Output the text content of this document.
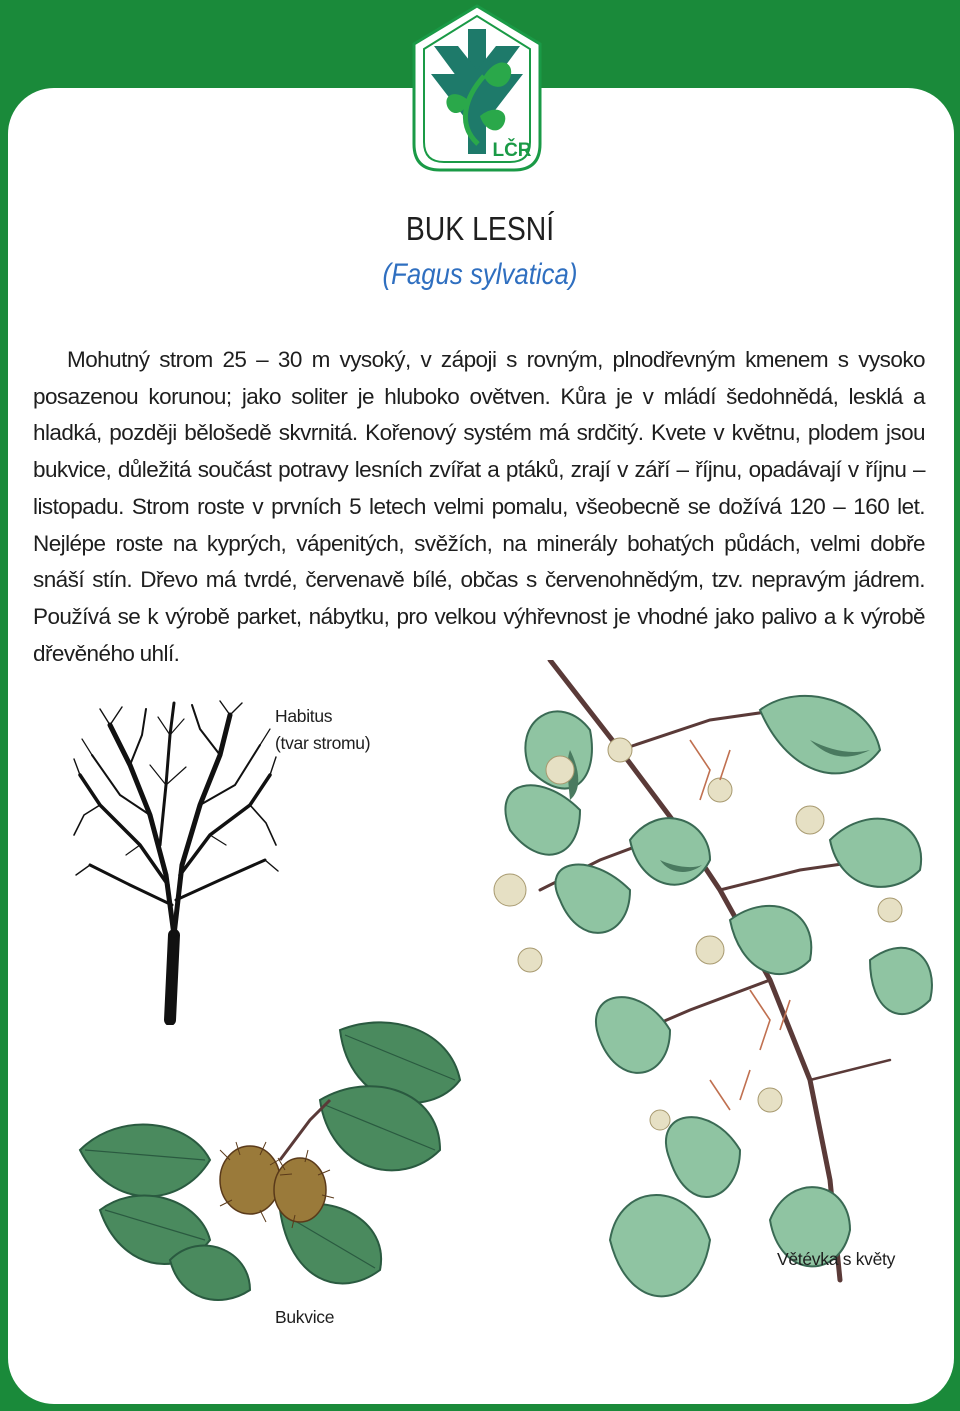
LČR
BUK LESNÍ
(Fagus sylvatica)
Mohutný strom 25 – 30 m vysoký, v zápoji s rovným, plnodřevným kmenem s vysoko posazenou korunou; jako soliter je hluboko ovětven. Kůra je v mládí šedohnědá, lesklá a hladká, později bělošedě skvrnitá. Kořenový systém má srdčitý. Kvete v květnu, plodem jsou bukvice, důležitá součást potravy lesních zvířat a ptáků, zrají v září – říjnu, opadávají v říjnu – listopadu. Strom roste v prvních 5 letech velmi pomalu, všeobecně se dožívá 120 – 160 let. Nejlépe roste na kyprých, vápenitých, svěžích, na minerály bohatých půdách, velmi dobře snáší stín. Dřevo má tvrdé, červenavě bílé, občas s červenohnědým, tzv. nepravým jádrem. Používá se k výrobě parket, nábytku, pro velkou výhřevnost je vhodné jako palivo a k výrobě dřevěného uhlí.
Habitus
(tvar stromu)
Větévka s květy
Bukvice
